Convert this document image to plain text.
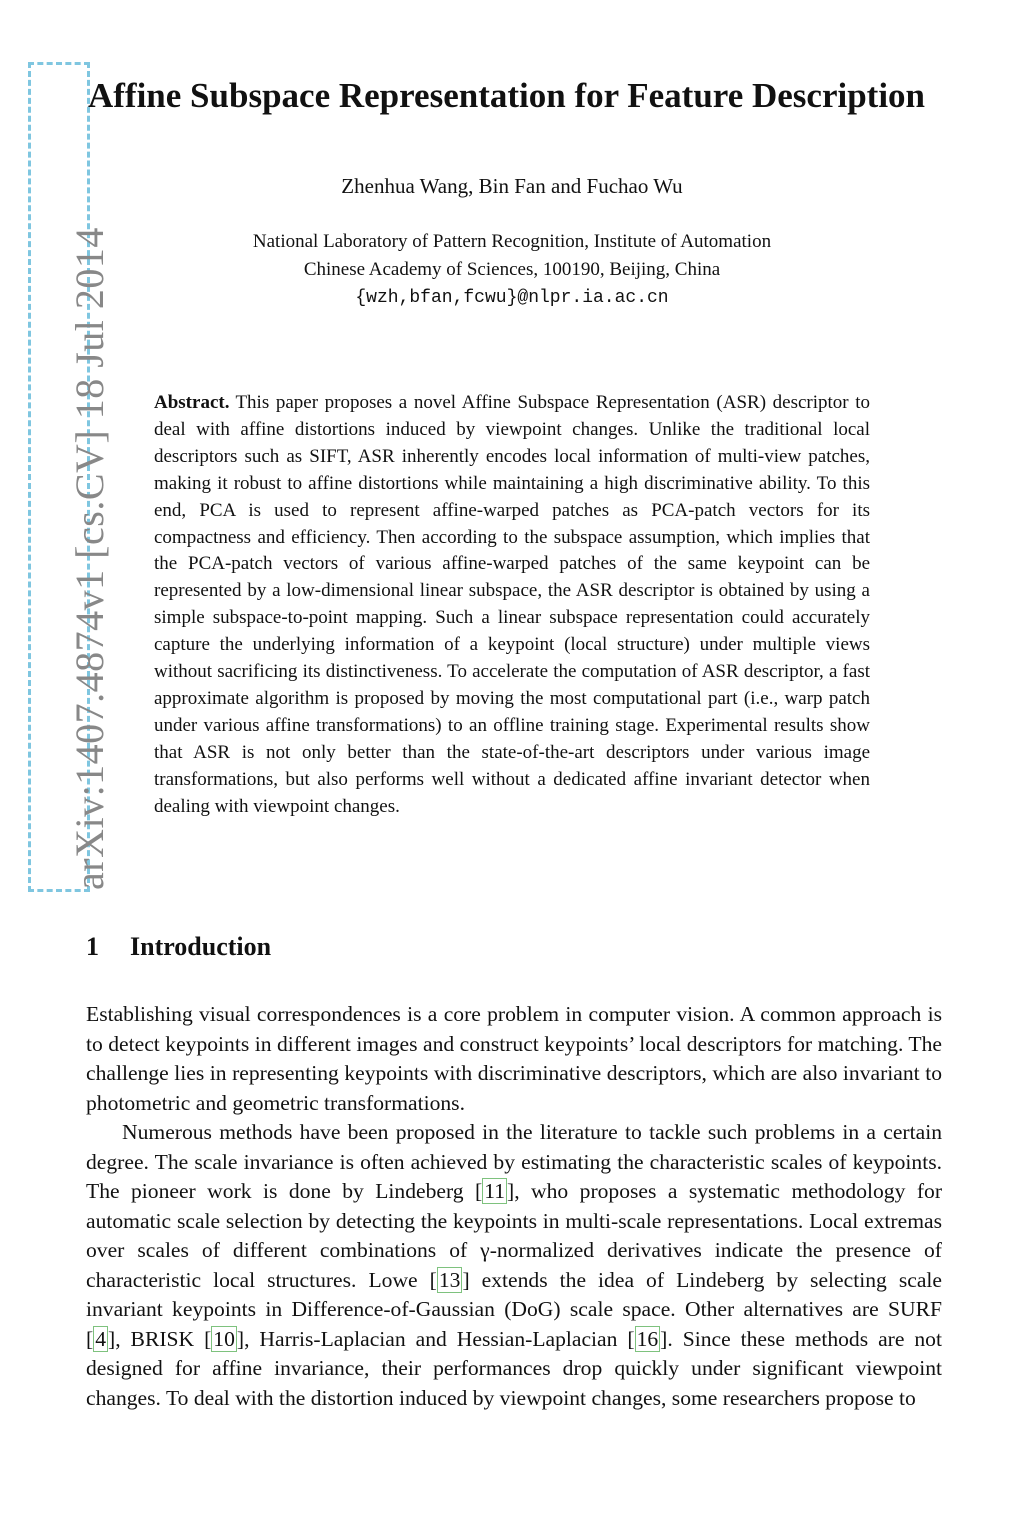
arXiv:1407.4874v1 [cs.CV] 18 Jul 2014
Affine Subspace Representation for Feature Description

Zhenhua Wang, Bin Fan and Fuchao Wu

National Laboratory of Pattern Recognition, Institute of Automation
Chinese Academy of Sciences, 100190, Beijing, China
{wzh,bfan,fcwu}@nlpr.ia.ac.cn

Abstract. This paper proposes a novel Affine Subspace Representation (ASR) descriptor to deal with affine distortions induced by viewpoint changes. Unlike the traditional local descriptors such as SIFT, ASR inherently encodes local information of multi-view patches, making it robust to affine distortions while maintaining a high discriminative ability. To this end, PCA is used to represent affine-warped patches as PCA-patch vectors for its compactness and efficiency. Then according to the subspace assumption, which implies that the PCA-patch vectors of various affine-warped patches of the same keypoint can be represented by a low-dimensional linear subspace, the ASR descriptor is obtained by using a simple subspace-to-point mapping. Such a linear subspace representation could accurately capture the underlying information of a keypoint (local structure) under multiple views without sacrificing its distinctiveness. To accelerate the computation of ASR descriptor, a fast approximate algorithm is proposed by moving the most computational part (i.e., warp patch under various affine transformations) to an offline training stage. Experimental results show that ASR is not only better than the state-of-the-art descriptors under various image transformations, but also performs well without a dedicated affine invariant detector when dealing with viewpoint changes.

1 Introduction

Establishing visual correspondences is a core problem in computer vision. A common approach is to detect keypoints in different images and construct keypoints’ local descriptors for matching. The challenge lies in representing keypoints with discriminative descriptors, which are also invariant to photometric and geometric transformations.

Numerous methods have been proposed in the literature to tackle such problems in a certain degree. The scale invariance is often achieved by estimating the characteristic scales of keypoints. The pioneer work is done by Lindeberg [11], who proposes a systematic methodology for automatic scale selection by detecting the keypoints in multi-scale representations. Local extremas over scales of different combinations of γ-normalized derivatives indicate the presence of characteristic local structures. Lowe [13] extends the idea of Lindeberg by selecting scale invariant keypoints in Difference-of-Gaussian (DoG) scale space. Other alternatives are SURF [4], BRISK [10], Harris-Laplacian and Hessian-Laplacian [16]. Since these methods are not designed for affine invariance, their performances drop quickly under significant viewpoint changes. To deal with the distortion induced by viewpoint changes, some researchers propose to
